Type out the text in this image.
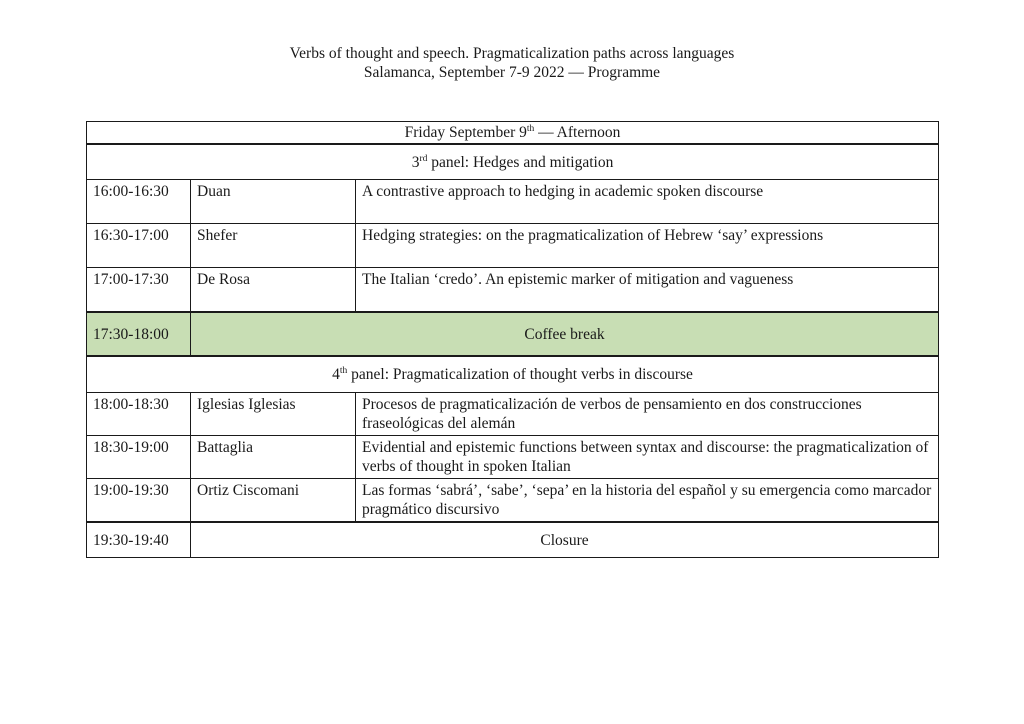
Verbs of thought and speech. Pragmaticalization paths across languages
Salamanca, September 7-9 2022 — Programme
Friday September 9th — Afternoon		
3rd panel: Hedges and mitigation		
16:00-16:30	Duan	A contrastive approach to hedging in academic spoken discourse
16:30-17:00	Shefer	Hedging strategies: on the pragmaticalization of Hebrew ‘say’ expressions
17:00-17:30	De Rosa	The Italian ‘credo’. An epistemic marker of mitigation and vagueness
17:30-18:00	Coffee break	
4th panel: Pragmaticalization of thought verbs in discourse		
18:00-18:30	Iglesias Iglesias	Procesos de pragmaticalización de verbos de pensamiento en dos construcciones fraseológicas del alemán
18:30-19:00	Battaglia	Evidential and epistemic functions between syntax and discourse: the pragmaticalization of verbs of thought in spoken Italian
19:00-19:30	Ortiz Ciscomani	Las formas ‘sabrá’, ‘sabe’, ‘sepa’ en la historia del español y su emergencia como marcador pragmático discursivo
19:30-19:40	Closure	
